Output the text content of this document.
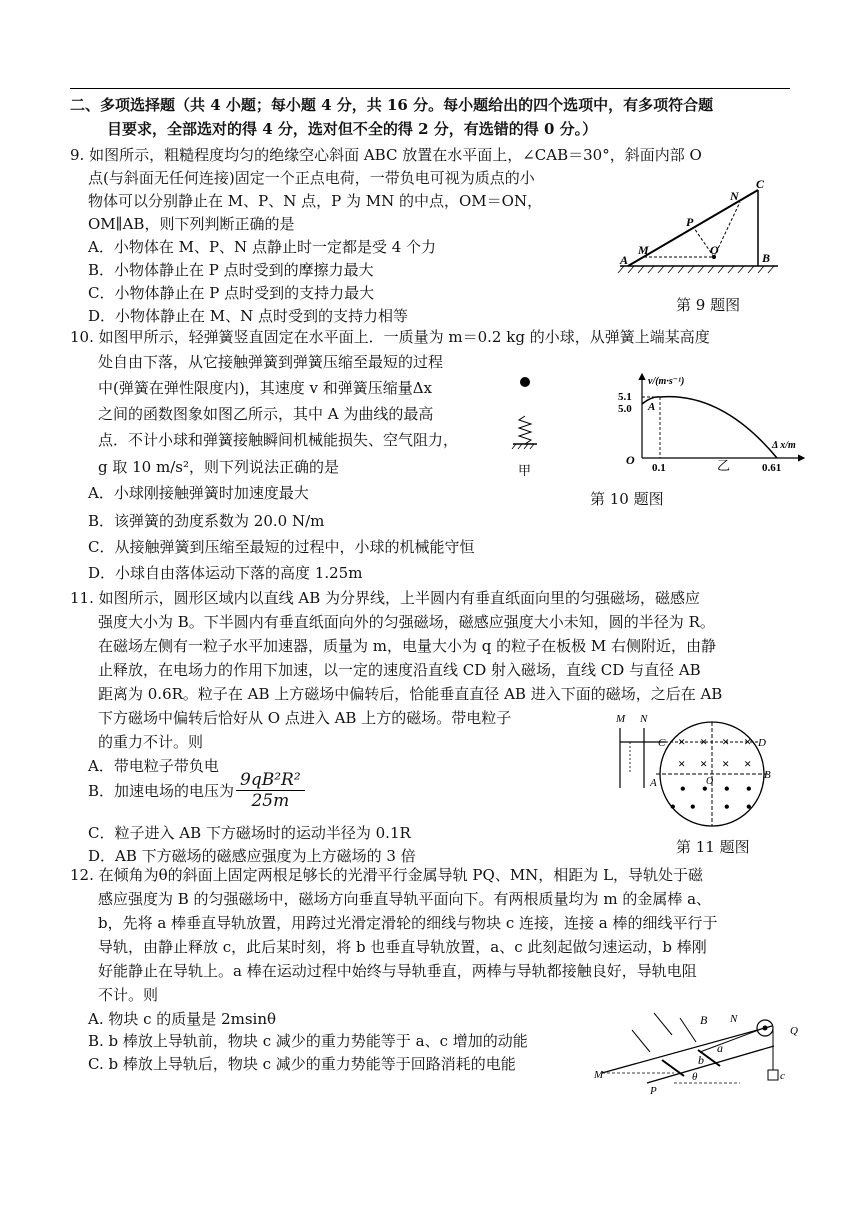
二、多项选择题（共 4 小题；每小题 4 分，共 16 分。每小题给出的四个选项中，有多项符合题
目要求，全部选对的得 4 分，选对但不全的得 2 分，有选错的得 0 分。）
9. 如图所示，粗糙程度均匀的绝缘空心斜面 ABC 放置在水平面上，∠CAB＝30°，斜面内部 O
点(与斜面无任何连接)固定一个正点电荷，一带负电可视为质点的小
物体可以分别静止在 M、P、N 点，P 为 MN 的中点，OM＝ON，
OM∥AB，则下列判断正确的是
A．小物体在 M、P、N 点静止时一定都是受 4 个力
B．小物体静止在 P 点时受到的摩擦力最大
C．小物体静止在 P 点时受到的支持力最大
D．小物体静止在 M、N 点时受到的支持力相等
A
M
P
N
C
B
O
第 9 题图
10. 如图甲所示，轻弹簧竖直固定在水平面上．一质量为 m＝0.2 kg 的小球，从弹簧上端某高度
处自由下落，从它接触弹簧到弹簧压缩至最短的过程
中(弹簧在弹性限度内)，其速度 v 和弹簧压缩量Δx
之间的函数图象如图乙所示，其中 A 为曲线的最高
点．不计小球和弹簧接触瞬间机械能损失、空气阻力，
g 取 10 m/s²，则下列说法正确的是
A．小球刚接触弹簧时加速度最大
B．该弹簧的劲度系数为 20.0 N/m
C．从接触弹簧到压缩至最短的过程中，小球的机械能守恒
D．小球自由落体运动下落的高度 1.25m
甲
v/(m·s⁻¹)
5.1
5.0 A
O
0.1	0.61
Δ x/m
乙
第 10 题图
11. 如图所示，圆形区域内以直线 AB 为分界线，上半圆内有垂直纸面向里的匀强磁场，磁感应
强度大小为 B。下半圆内有垂直纸面向外的匀强磁场，磁感应强度大小未知，圆的半径为 R。
在磁场左侧有一粒子水平加速器，质量为 m，电量大小为 q 的粒子在板极 M 右侧附近，由静
止释放，在电场力的作用下加速，以一定的速度沿直线 CD 射入磁场，直线 CD 与直径 AB
距离为 0.6R。粒子在 AB 上方磁场中偏转后，恰能垂直直径 AB 进入下面的磁场，之后在 AB
下方磁场中偏转后恰好从 O 点进入 AB 上方的磁场。带电粒子
的重力不计。则
A．带电粒子带负电
B．加速电场的电压为 $\frac{\text{9qB²R²}}{25m}$
C．粒子进入 AB 下方磁场时的运动半径为 0.1R
D．AB 下方磁场的磁感应强度为上方磁场的 3 倍
M N
C	D
A
B
O
× × × ×
× × × ×
• • • •
• • • •
第 11 题图
12. 在倾角为θ的斜面上固定两根足够长的光滑平行金属导轨 PQ、MN，相距为 L，导轨处于磁
感应强度为 B 的匀强磁场中，磁场方向垂直导轨平面向下。有两根质量均为 m 的金属棒 a、
b，先将 a 棒垂直导轨放置，用跨过光滑定滑轮的细线与物块 c 连接，连接 a 棒的细线平行于
导轨，由静止释放 c，此后某时刻，将 b 也垂直导轨放置，a、c 此刻起做匀速运动，b 棒刚
好能静止在导轨上。a 棒在运动过程中始终与导轨垂直，两棒与导轨都接触良好，导轨电阻
不计。则
A. 物块 c 的质量是 2msinθ
B. b 棒放上导轨前，物块 c 减少的重力势能等于 a、c 增加的动能
C. b 棒放上导轨后，物块 c 减少的重力势能等于回路消耗的电能
B N
Q
a
b
c
M
P
θ
